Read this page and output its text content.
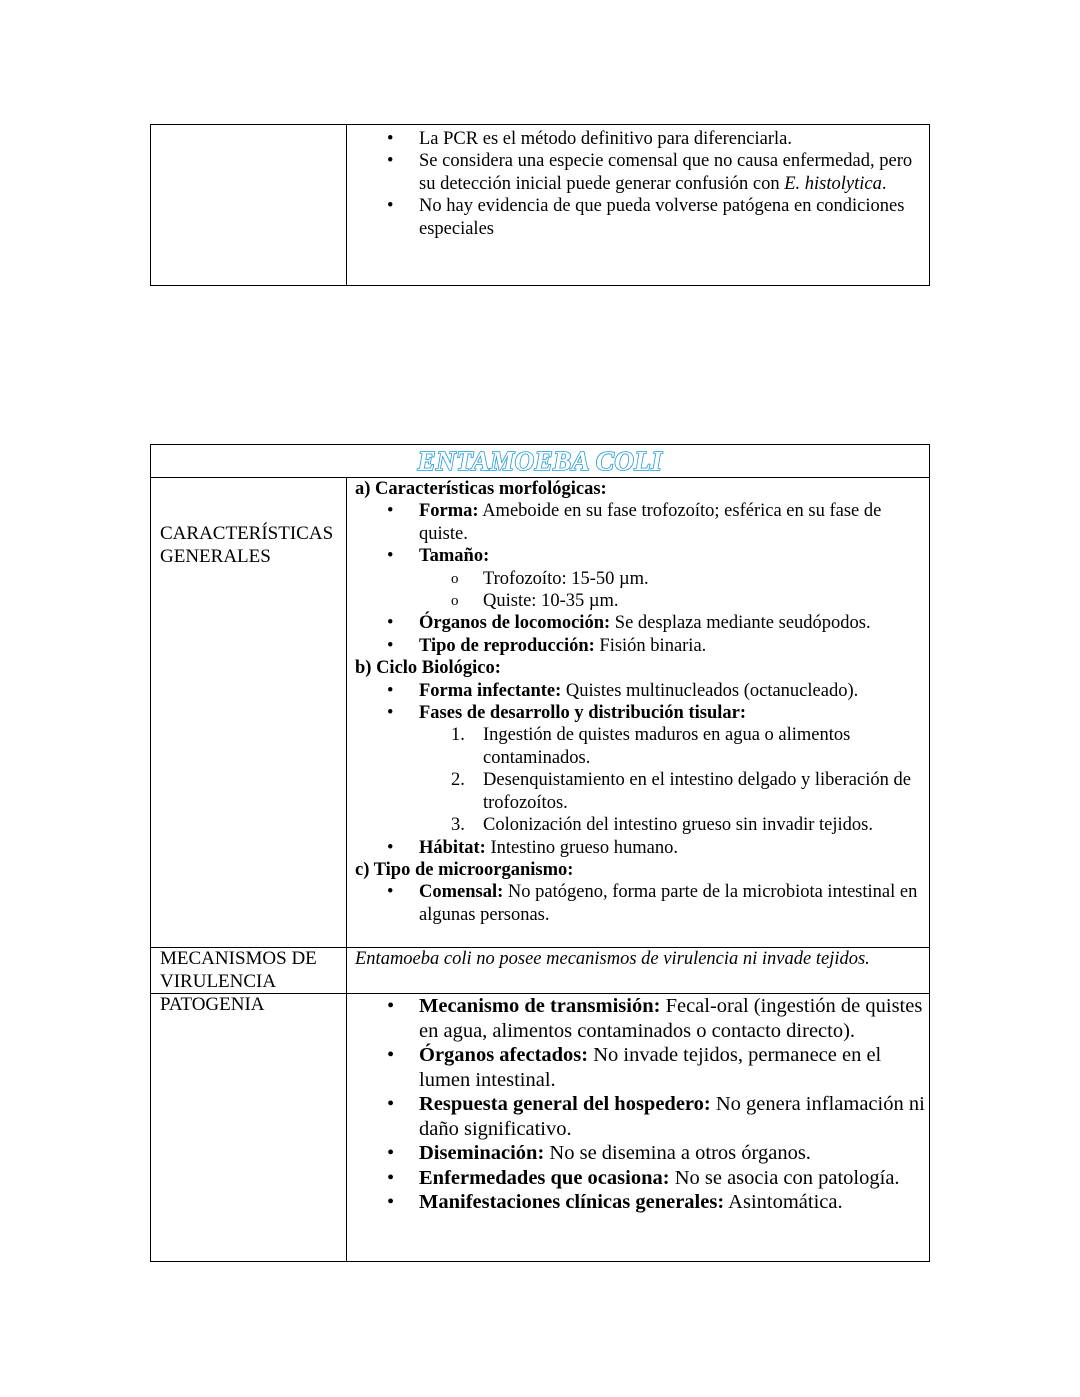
• La PCR es el método definitivo para diferenciarla.
• Se considera una especie comensal que no causa enfermedad, pero su detección inicial puede generar confusión con E. histolytica.
• No hay evidencia de que pueda volverse patógena en condiciones especiales
ENTAMOEBA COLI
CARACTERÍSTICAS GENERALES
a) Características morfológicas:
• Forma: Ameboide en su fase trofozoíto; esférica en su fase de quiste.
• Tamaño:
o Trofozoíto: 15-50 µm.
o Quiste: 10-35 µm.
• Órganos de locomoción: Se desplaza mediante seudópodos.
• Tipo de reproducción: Fisión binaria.
b) Ciclo Biológico:
• Forma infectante: Quistes multinucleados (octanucleado).
• Fases de desarrollo y distribución tisular:
1. Ingestión de quistes maduros en agua o alimentos contaminados.
2. Desenquistamiento en el intestino delgado y liberación de trofozoítos.
3. Colonización del intestino grueso sin invadir tejidos.
• Hábitat: Intestino grueso humano.
c) Tipo de microorganismo:
• Comensal: No patógeno, forma parte de la microbiota intestinal en algunas personas.
MECANISMOS DE VIRULENCIA
Entamoeba coli no posee mecanismos de virulencia ni invade tejidos.
PATOGENIA	• Mecanismo de transmisión: Fecal-oral (ingestión de quistes en agua, alimentos contaminados o contacto directo).
• Órganos afectados: No invade tejidos, permanece en el lumen intestinal.
• Respuesta general del hospedero: No genera inflamación ni daño significativo.
• Diseminación: No se disemina a otros órganos.
• Enfermedades que ocasiona: No se asocia con patología.
• Manifestaciones clínicas generales: Asintomática.
